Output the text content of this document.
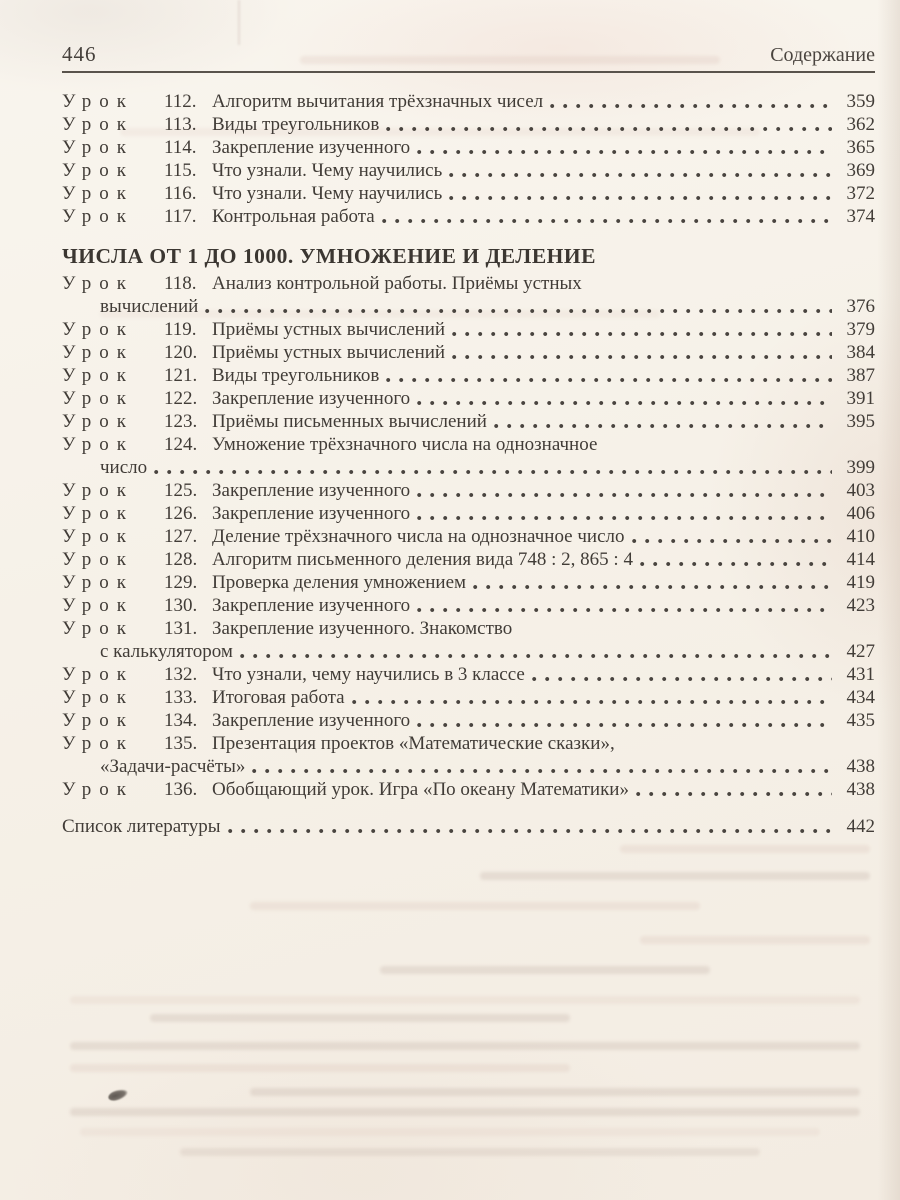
446	Содержание
Урок	112. Алгоритм вычитания трёхзначных чисел	359
Урок	113. Виды треугольников	362
Урок	114. Закрепление изученного	365
Урок	115. Что узнали. Чему научились	369
Урок	116. Что узнали. Чему научились	372
Урок	117. Контрольная работа	374
ЧИСЛА ОТ 1 ДО 1000. УМНОЖЕНИЕ И ДЕЛЕНИЕ
Урок	118. Анализ контрольной работы. Приёмы устных
вычислений	376
Урок	119. Приёмы устных вычислений	379
Урок	120. Приёмы устных вычислений	384
Урок	121. Виды треугольников	387
Урок	122. Закрепление изученного	391
Урок	123. Приёмы письменных вычислений	395
Урок	124. Умножение трёхзначного числа на однозначное
число	399
Урок	125. Закрепление изученного	403
Урок	126. Закрепление изученного	406
Урок	127. Деление трёхзначного числа на однозначное число	410
Урок	128. Алгоритм письменного деления вида 748 : 2, 865 : 4	414
Урок	129. Проверка деления умножением	419
Урок	130. Закрепление изученного	423
Урок	131. Закрепление изученного. Знакомство
с калькулятором	427
Урок	132. Что узнали, чему научились в 3 классе	431
Урок	133. Итоговая работа	434
Урок	134. Закрепление изученного	435
Урок	135. Презентация проектов «Математические сказки»,
«Задачи-расчёты»	438
Урок	136. Обобщающий урок. Игра «По океану Математики»	438
Список литературы	442
